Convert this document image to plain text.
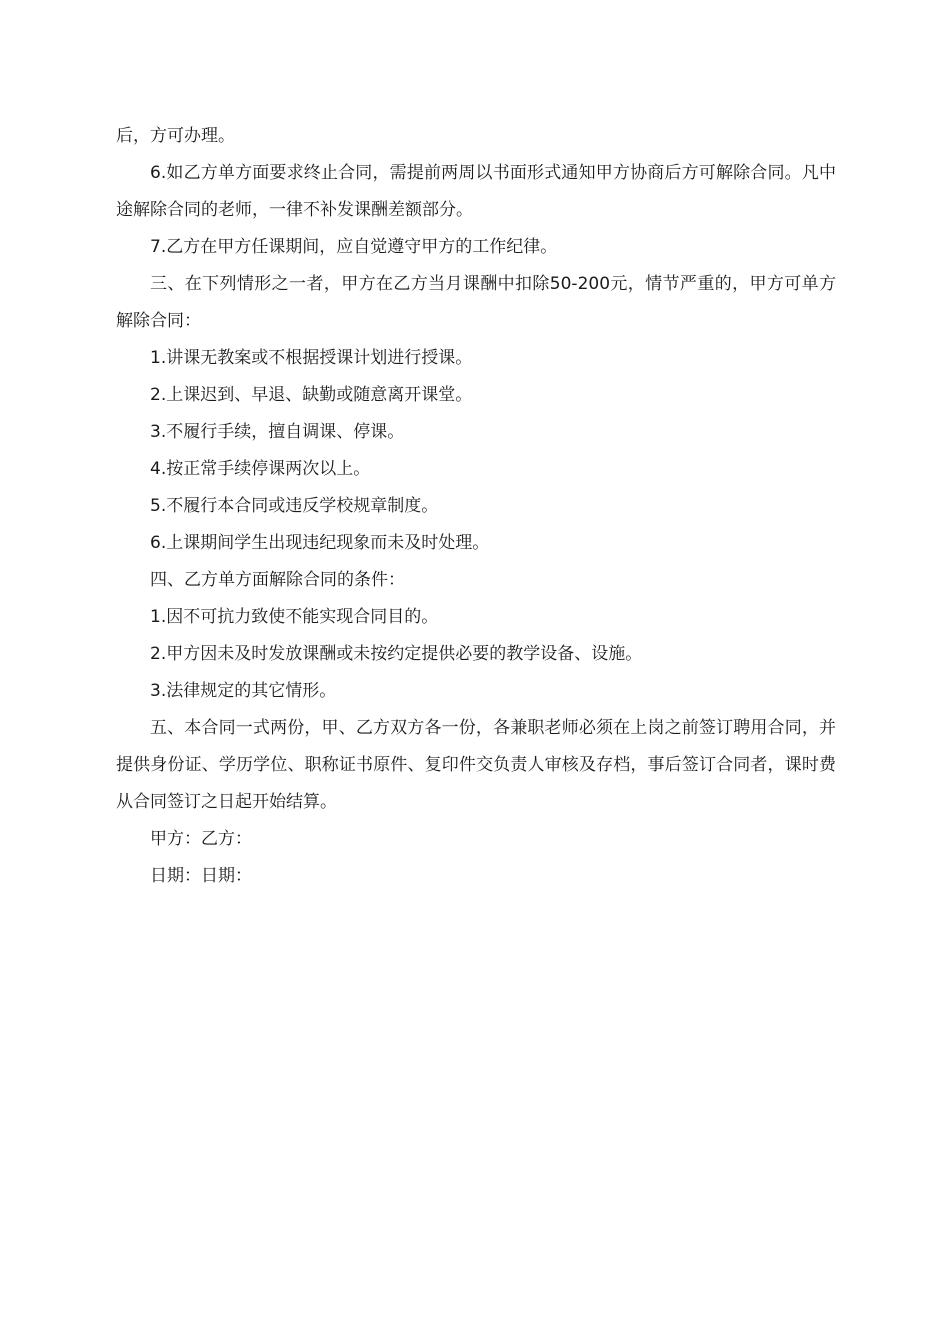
后，方可办理。

6.如乙方单方面要求终止合同，需提前两周以书面形式通知甲方协商后方可解除合同。凡中途解除合同的老师，一律不补发课酬差额部分。

7.乙方在甲方任课期间，应自觉遵守甲方的工作纪律。

三、在下列情形之一者，甲方在乙方当月课酬中扣除50-200元，情节严重的，甲方可单方解除合同：

1.讲课无教案或不根据授课计划进行授课。

2.上课迟到、早退、缺勤或随意离开课堂。

3.不履行手续，擅自调课、停课。

4.按正常手续停课两次以上。

5.不履行本合同或违反学校规章制度。

6.上课期间学生出现违纪现象而未及时处理。

四、乙方单方面解除合同的条件：

1.因不可抗力致使不能实现合同目的。

2.甲方因未及时发放课酬或未按约定提供必要的教学设备、设施。

3.法律规定的其它情形。

五、本合同一式两份，甲、乙方双方各一份，各兼职老师必须在上岗之前签订聘用合同，并提供身份证、学历学位、职称证书原件、复印件交负责人审核及存档，事后签订合同者，课时费从合同签订之日起开始结算。

甲方：乙方：

日期：日期：
